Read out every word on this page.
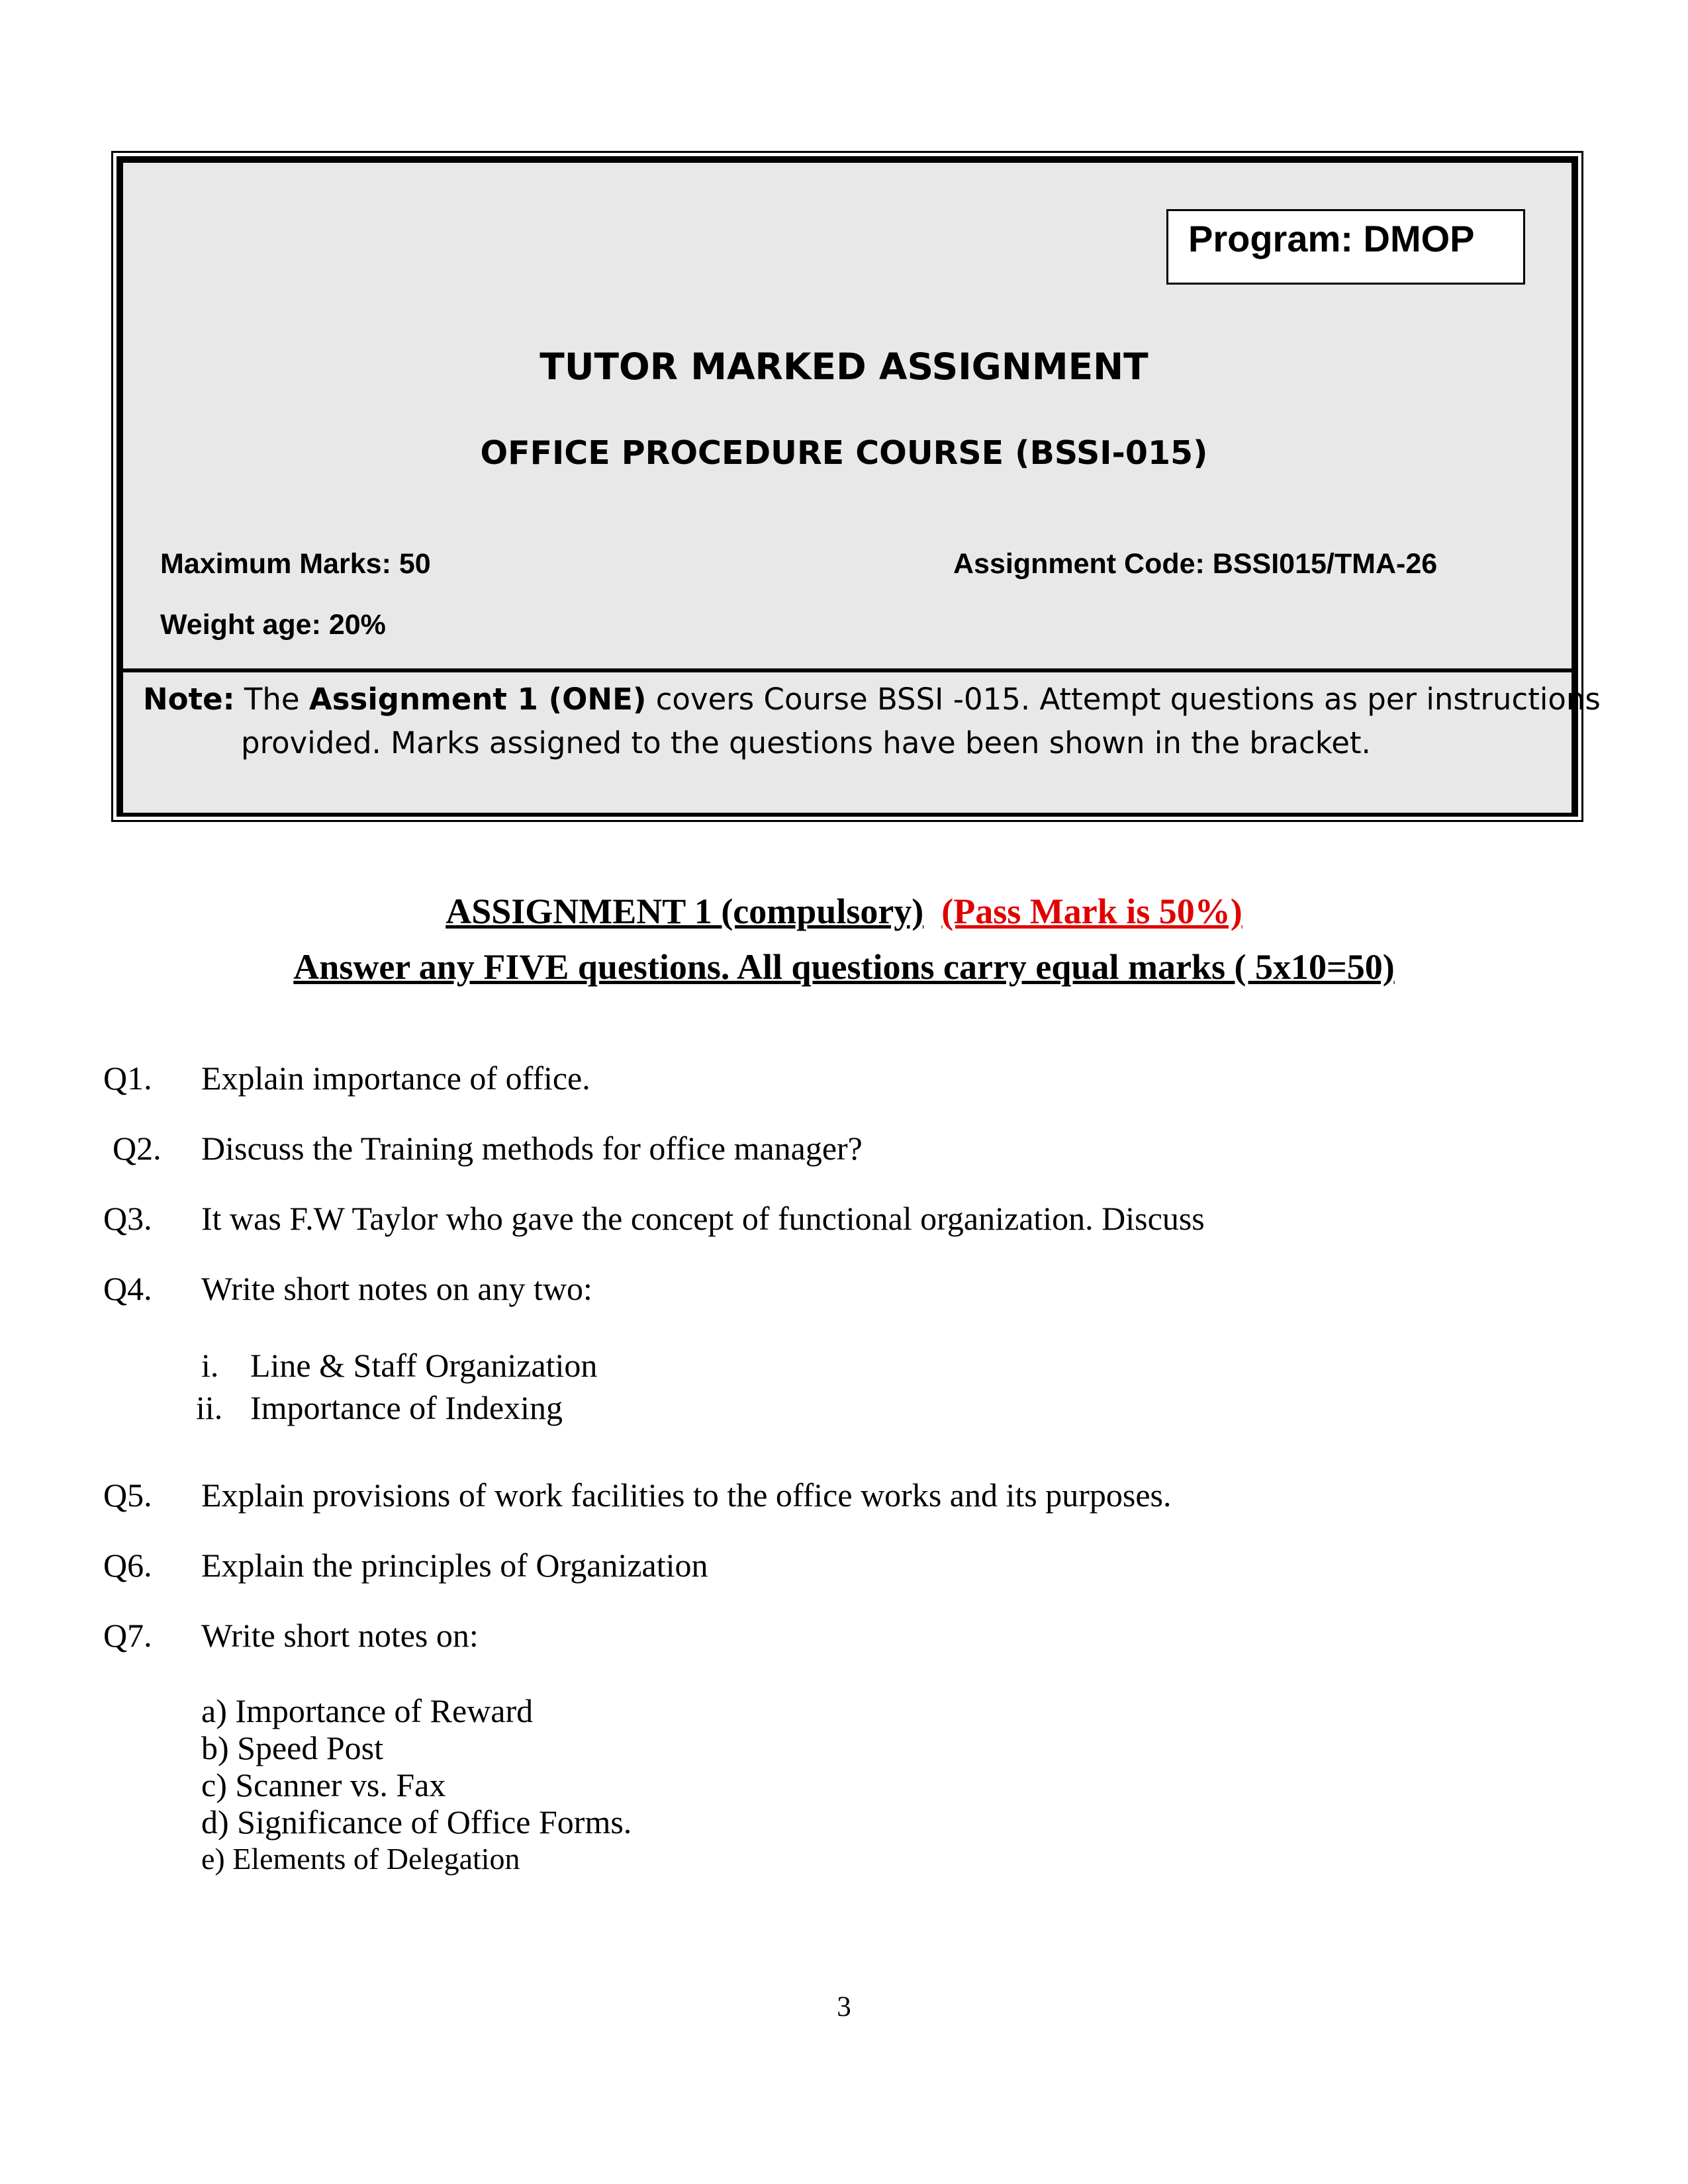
Program: DMOP
TUTOR MARKED ASSIGNMENT
OFFICE PROCEDURE COURSE (BSSI-015)
Maximum Marks: 50	Assignment Code: BSSI015/TMA-26
Weight age: 20%
Note: The Assignment 1 (ONE) covers Course BSSI -015. Attempt questions as per instructions
provided. Marks assigned to the questions have been shown in the bracket.
ASSIGNMENT 1 (compulsory) (Pass Mark is 50%)
Answer any FIVE questions. All questions carry equal marks ( 5x10=50)
Q1. Explain importance of office.
Q2. Discuss the Training methods for office manager?
Q3. It was F.W Taylor who gave the concept of functional organization. Discuss
Q4. Write short notes on any two:
i. Line & Staff Organization
ii. Importance of Indexing
Q5. Explain provisions of work facilities to the office works and its purposes.
Q6. Explain the principles of Organization
Q7. Write short notes on:
a) Importance of Reward
b) Speed Post
c) Scanner vs. Fax
d) Significance of Office Forms.
e) Elements of Delegation
3
